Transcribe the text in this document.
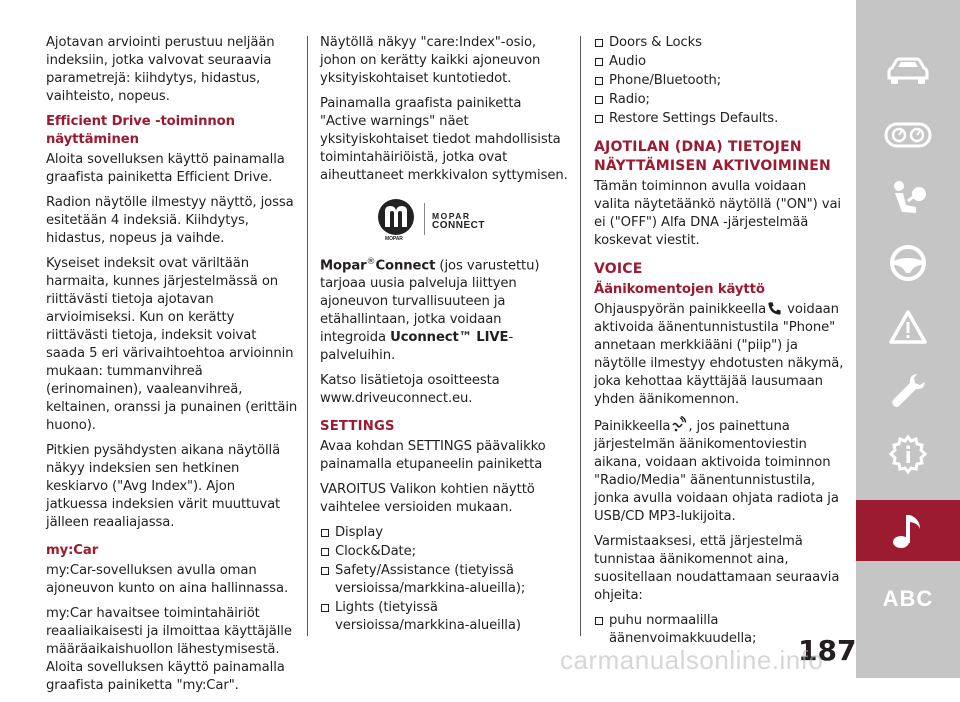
Ajotavan arviointi perustuu neljään indeksiin, jotka valvovat seuraavia parametrejä: kiihdytys, hidastus, vaihteisto, nopeus.

Efficient Drive -toiminnon näyttäminen

Aloita sovelluksen käyttö painamalla graafista painiketta Efficient Drive.

Radion näytölle ilmestyy näyttö, jossa esitetään 4 indeksiä. Kiihdytys, hidastus, nopeus ja vaihde.

Kyseiset indeksit ovat väriltään harmaita, kunnes järjestelmässä on riittävästi tietoja ajotavan arvioimiseksi. Kun on kerätty riittävästi tietoja, indeksit voivat saada 5 eri värivaihtoehtoa arvioinnin mukaan: tummanvihreä (erinomainen), vaaleanvihreä, keltainen, oranssi ja punainen (erittäin huono).

Pitkien pysähdysten aikana näytöllä näkyy indeksien sen hetkinen keskiarvo ("Avg Index"). Ajon jatkuessa indeksien värit muuttuvat jälleen reaaliajassa.

my:Car

my:Car-sovelluksen avulla oman ajoneuvon kunto on aina hallinnassa.

my:Car havaitsee toimintahäiriöt reaaliaikaisesti ja ilmoittaa käyttäjälle määräaikaishuollon lähestymisestä. Aloita sovelluksen käyttö painamalla graafista painiketta "my:Car".

Näytöllä näkyy "care:Index"-osio, johon on kerätty kaikki ajoneuvon yksityiskohtaiset kuntotiedot.

Painamalla graafista painiketta "Active warnings" näet yksityiskohtaiset tiedot mahdollisista toimintahäiriöistä, jotka ovat aiheuttaneet merkkivalon syttymisen.

MOPAR
MOPAR
CONNECT

Mopar®Connect (jos varustettu) tarjoaa uusia palveluja liittyen ajoneuvon turvallisuuteen ja etähallintaan, jotka voidaan integroida Uconnect™ LIVE-palveluihin.

Katso lisätietoja osoitteesta www.driveuconnect.eu.

SETTINGS

Avaa kohdan SETTINGS päävalikko painamalla etupaneelin painiketta

VAROITUS Valikon kohtien näyttö vaihtelee versioiden mukaan.

Display
Clock&Date;
Safety/Assistance (tietyissä versioissa/markkina-alueilla);
Lights (tietyissä versioissa/markkina-alueilla)
Doors & Locks
Audio
Phone/Bluetooth;
Radio;
Restore Settings Defaults.
AJOTILAN (DNA) TIETOJEN NÄYTTÄMISEN AKTIVOIMINEN

Tämän toiminnon avulla voidaan valita näytetäänkö näytöllä ("ON") vai ei ("OFF") Alfa DNA -järjestelmää koskevat viestit.

VOICE
Äänikomentojen käyttö

Ohjauspyörän painikkeella voidaan aktivoida äänentunnistustila "Phone" annetaan merkkiääni ("piip") ja näytölle ilmestyy ehdotusten näkymä, joka kehottaa käyttäjää lausumaan yhden äänikomennon.

Painikkeella , jos painettuna järjestelmän äänikomentoviestin aikana, voidaan aktivoida toiminnon "Radio/Media" äänentunnistustila, jonka avulla voidaan ohjata radiota ja USB/CD MP3-lukijoita.

Varmistaaksesi, että järjestelmä tunnistaa äänikomennot aina, suositellaan noudattamaan seuraavia ohjeita:

puhu normaalilla äänenvoimakkuudella;
ABC
187
carmanualsonline.info
